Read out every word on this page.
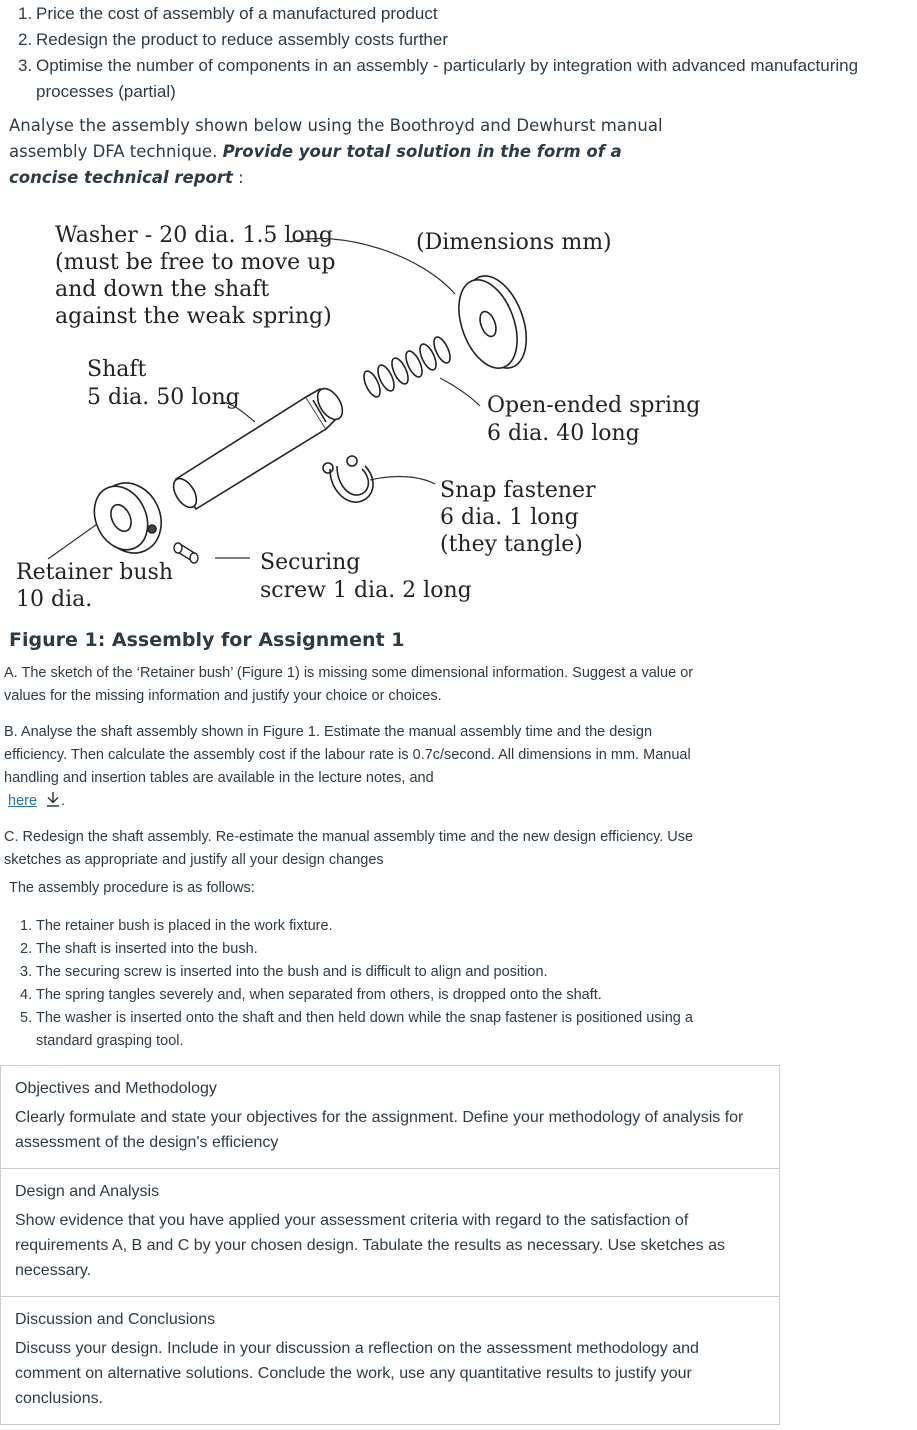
1. Price the cost of assembly of a manufactured product
2. Redesign the product to reduce assembly costs further
3. Optimise the number of components in an assembly - particularly by integration with advanced manufacturing processes (partial)
Analyse the assembly shown below using the Boothroyd and Dewhurst manual assembly DFA technique. Provide your total solution in the form of a concise technical report :
Washer - 20 dia. 1.5 long
(must be free to move up
and down the shaft
against the weak spring)
(Dimensions mm)
Shaft
5 dia. 50 long	Open-ended spring
6 dia. 40 long
Snap fastener
6 dia. 1 long
(they tangle)
Retainer bush
10 dia.
Securing
screw 1 dia. 2 long
Figure 1: Assembly for Assignment 1
A. The sketch of the ‘Retainer bush’ (Figure 1) is missing some dimensional information. Suggest a value or values for the missing information and justify your choice or choices.
B. Analyse the shaft assembly shown in Figure 1. Estimate the manual assembly time and the design efficiency. Then calculate the assembly cost if the labour rate is 0.7c/second. All dimensions in mm. Manual handling and insertion tables are available in the lecture notes, and
here .
C. Redesign the shaft assembly. Re-estimate the manual assembly time and the new design efficiency. Use sketches as appropriate and justify all your design changes
The assembly procedure is as follows:
1. The retainer bush is placed in the work fixture.
2. The shaft is inserted into the bush.
3. The securing screw is inserted into the bush and is difficult to align and position.
4. The spring tangles severely and, when separated from others, is dropped onto the shaft.
5. The washer is inserted onto the shaft and then held down while the snap fastener is positioned using a standard grasping tool.
Objectives and Methodology
Clearly formulate and state your objectives for the assignment. Define your methodology of analysis for assessment of the design's efficiency
Design and Analysis
Show evidence that you have applied your assessment criteria with regard to the satisfaction of requirements A, B and C by your chosen design. Tabulate the results as necessary. Use sketches as necessary.
Discussion and Conclusions
Discuss your design. Include in your discussion a reflection on the assessment methodology and comment on alternative solutions. Conclude the work, use any quantitative results to justify your conclusions.
